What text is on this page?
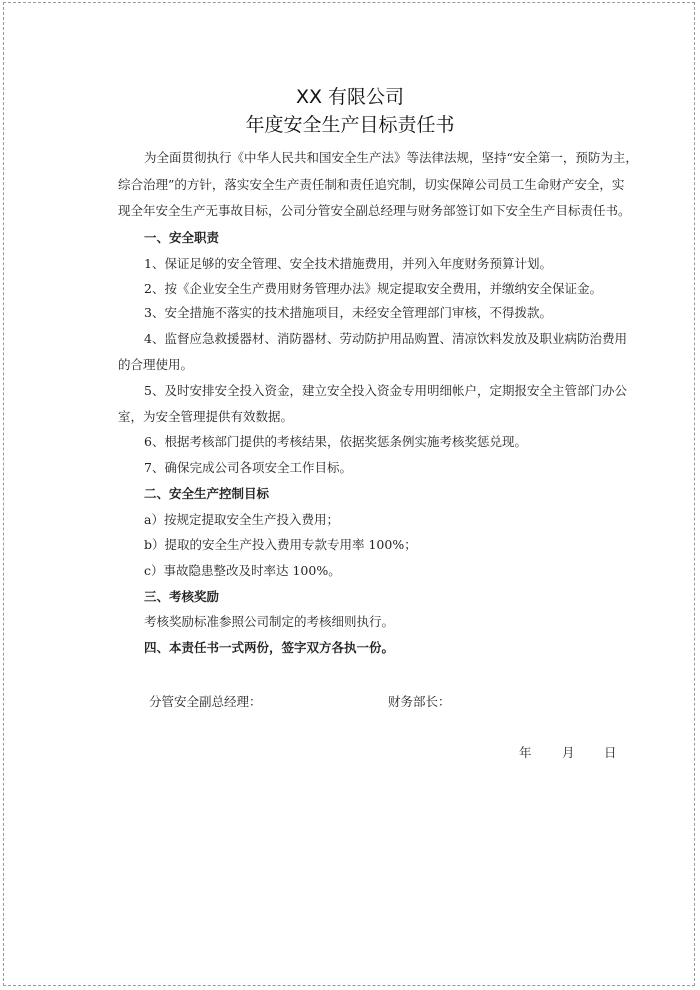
XX 有限公司
年度安全生产目标责任书
为全面贯彻执行《中华人民共和国安全生产法》等法律法规，坚持“安全第一，预防为主，
综合治理”的方针，落实安全生产责任制和责任追究制，切实保障公司员工生命财产安全，实
现全年安全生产无事故目标，公司分管安全副总经理与财务部签订如下安全生产目标责任书。
一、安全职责
1、保证足够的安全管理、安全技术措施费用，并列入年度财务预算计划。
2、按《企业安全生产费用财务管理办法》规定提取安全费用，并缴纳安全保证金。
3、安全措施不落实的技术措施项目，未经安全管理部门审核，不得拨款。
4、监督应急救援器材、消防器材、劳动防护用品购置、清凉饮料发放及职业病防治费用
的合理使用。
5、及时安排安全投入资金，建立安全投入资金专用明细帐户，定期报安全主管部门办公
室，为安全管理提供有效数据。
6、根据考核部门提供的考核结果，依据奖惩条例实施考核奖惩兑现。
7、确保完成公司各项安全工作目标。
二、安全生产控制目标
a）按规定提取安全生产投入费用；
b）提取的安全生产投入费用专款专用率 100%；
c）事故隐患整改及时率达 100%。
三、考核奖励
考核奖励标准参照公司制定的考核细则执行。
四、本责任书一式两份，签字双方各执一份。
分管安全副总经理：	财务部长：
年 月 日
